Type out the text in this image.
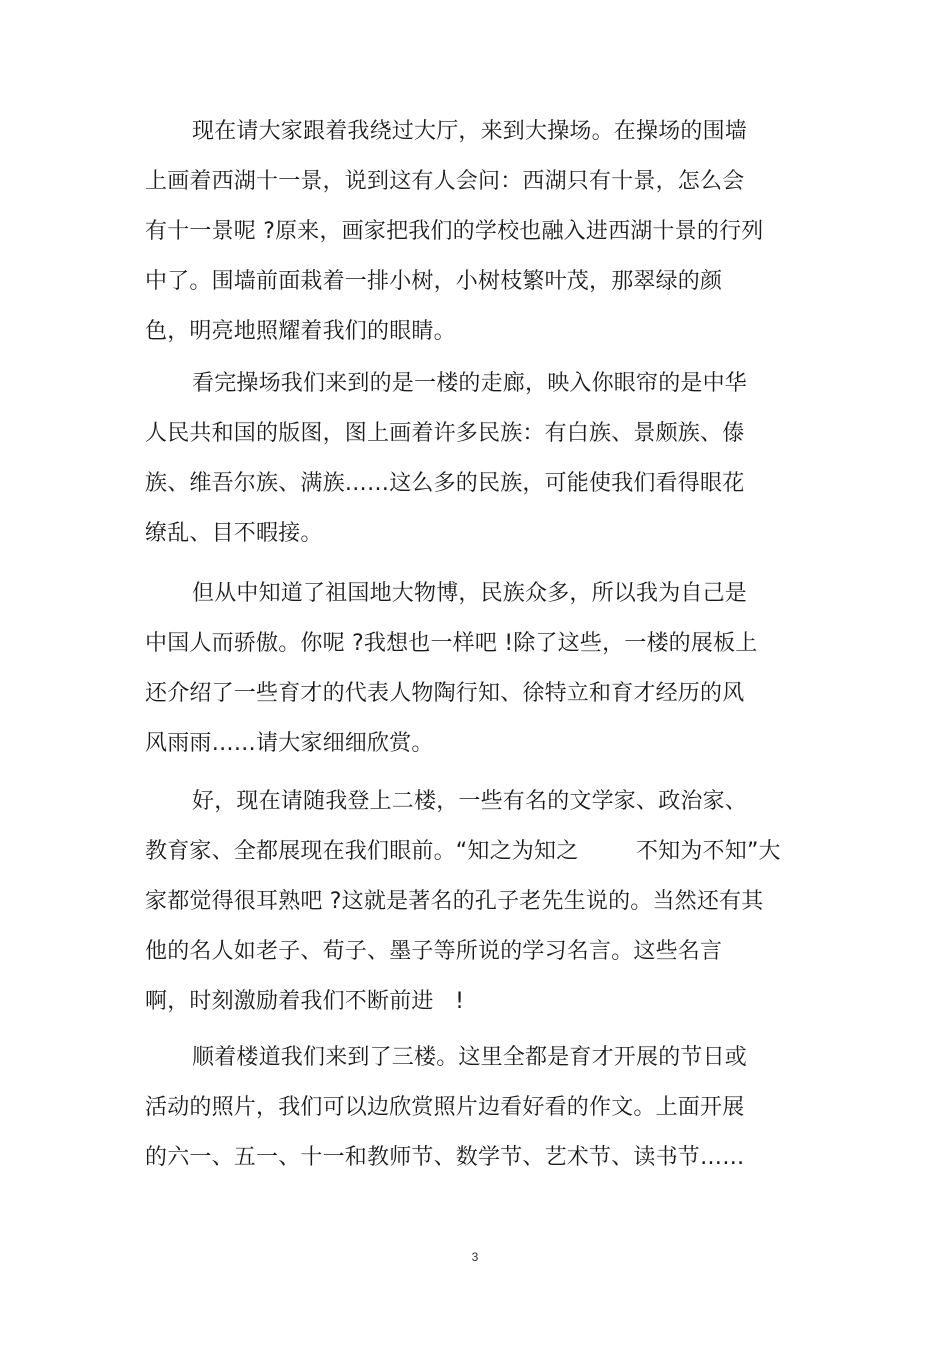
现在请大家跟着我绕过大厅，来到大操场。在操场的围墙
上画着西湖十一景，说到这有人会问：西湖只有十景，怎么会
有十一景呢 ?原来，画家把我们的学校也融入进西湖十景的行列
中了。围墙前面栽着一排小树，小树枝繁叶茂，那翠绿的颜
色，明亮地照耀着我们的眼睛。
看完操场我们来到的是一楼的走廊，映入你眼帘的是中华
人民共和国的版图，图上画着许多民族：有白族、景颇族、傣
族、维吾尔族、满族……这么多的民族，可能使我们看得眼花
缭乱、目不暇接。
但从中知道了祖国地大物博，民族众多，所以我为自己是
中国人而骄傲。你呢 ?我想也一样吧 !除了这些，一楼的展板上
还介绍了一些育才的代表人物陶行知、徐特立和育才经历的风
风雨雨……请大家细细欣赏。
好，现在请随我登上二楼，一些有名的文学家、政治家、
教育家、全都展现在我们眼前。“知之为知之        不知为不知”大
家都觉得很耳熟吧 ?这就是著名的孔子老先生说的。当然还有其
他的名人如老子、荀子、墨子等所说的学习名言。这些名言
啊，时刻激励着我们不断前进   !
顺着楼道我们来到了三楼。这里全都是育才开展的节日或
活动的照片，我们可以边欣赏照片边看好看的作文。上面开展
的六一、五一、十一和教师节、数学节、艺术节、读书节……
3
